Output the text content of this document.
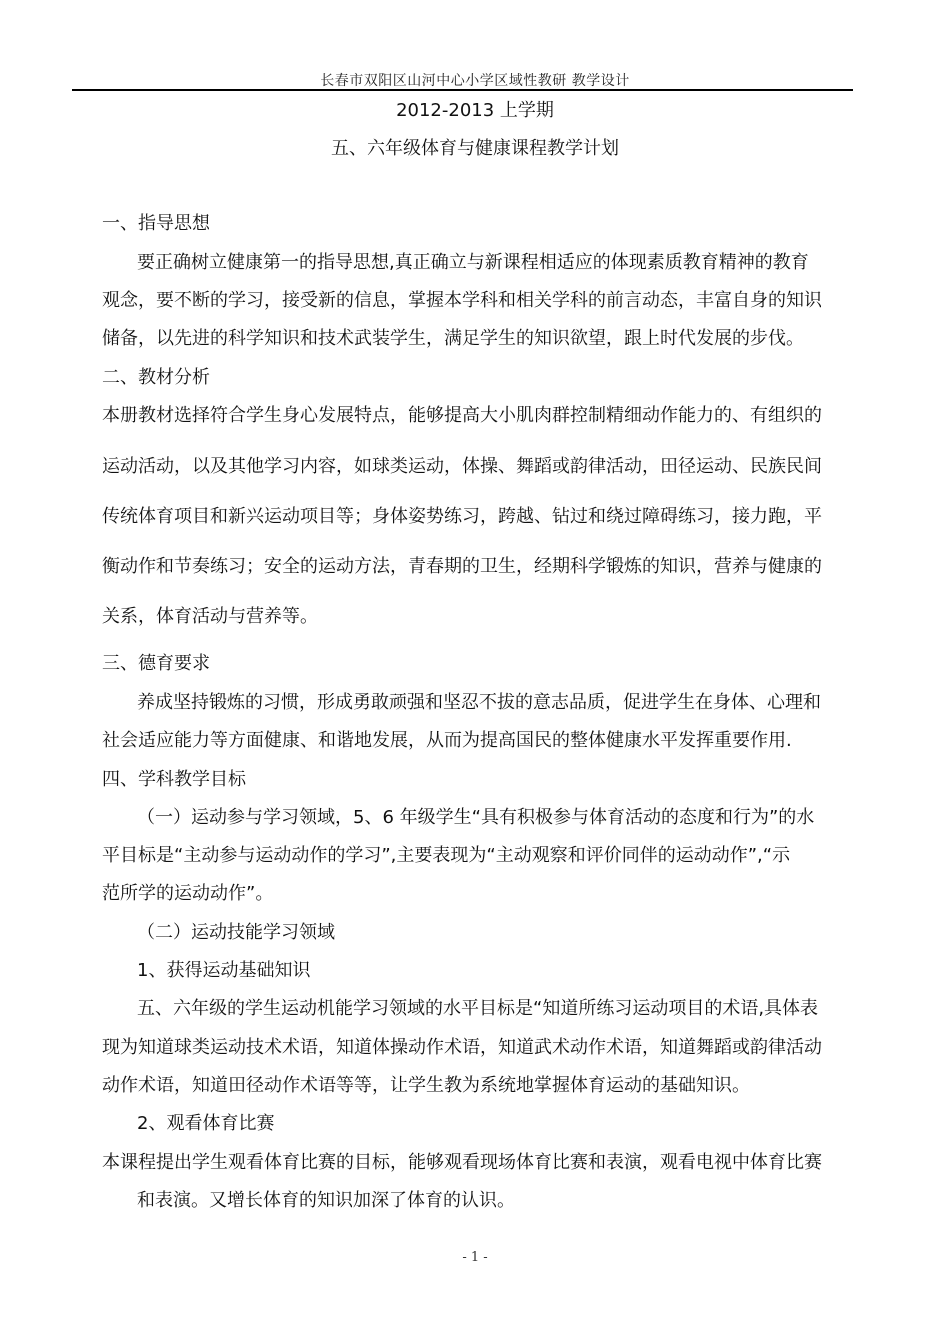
长春市双阳区山河中心小学区域性教研 教学设计
2012-2013 上学期
五、六年级体育与健康课程教学计划
一、指导思想
要正确树立健康第一的指导思想,真正确立与新课程相适应的体现素质教育精神的教育
观念，要不断的学习，接受新的信息，掌握本学科和相关学科的前言动态，丰富自身的知识
储备，以先进的科学知识和技术武装学生，满足学生的知识欲望，跟上时代发展的步伐。
二、教材分析
本册教材选择符合学生身心发展特点，能够提高大小肌肉群控制精细动作能力的、有组织的
运动活动，以及其他学习内容，如球类运动，体操、舞蹈或韵律活动，田径运动、民族民间
传统体育项目和新兴运动项目等；身体姿势练习，跨越、钻过和绕过障碍练习，接力跑，平
衡动作和节奏练习；安全的运动方法，青春期的卫生，经期科学锻炼的知识，营养与健康的
关系，体育活动与营养等。
三、德育要求
养成坚持锻炼的习惯，形成勇敢顽强和坚忍不拔的意志品质，促进学生在身体、心理和
社会适应能力等方面健康、和谐地发展，从而为提高国民的整体健康水平发挥重要作用.
四、学科教学目标
（一）运动参与学习领域，5、6 年级学生“具有积极参与体育活动的态度和行为”的水
平目标是“主动参与运动动作的学习”,主要表现为“主动观察和评价同伴的运动动作”,“示
范所学的运动动作”。
（二）运动技能学习领域
1、获得运动基础知识
五、六年级的学生运动机能学习领域的水平目标是“知道所练习运动项目的术语,具体表
现为知道球类运动技术术语，知道体操动作术语，知道武术动作术语，知道舞蹈或韵律活动
动作术语，知道田径动作术语等等，让学生教为系统地掌握体育运动的基础知识。
2、观看体育比赛
本课程提出学生观看体育比赛的目标，能够观看现场体育比赛和表演，观看电视中体育比赛
和表演。又增长体育的知识加深了体育的认识。
- 1 -
